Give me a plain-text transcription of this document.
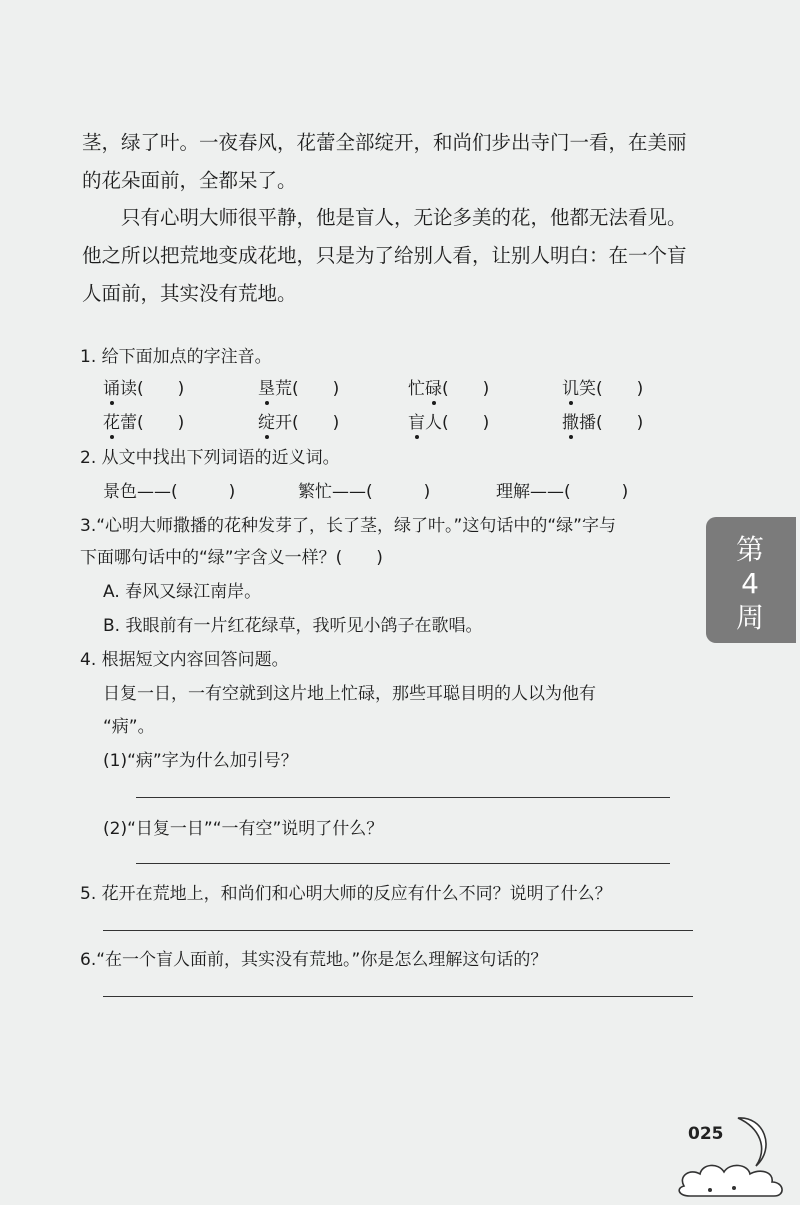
茎，绿了叶。一夜春风，花蕾全部绽开，和尚们步出寺门一看，在美丽的花朵面前，全都呆了。

只有心明大师很平静，他是盲人，无论多美的花，他都无法看见。他之所以把荒地变成花地，只是为了给别人看，让别人明白：在一个盲人面前，其实没有荒地。

1. 给下面加点的字注音。
诵读(　　)	垦荒(　　)	忙碌(　　)	讥笑(　　)
花蕾(　　)	绽开(　　)	盲人(　　)	撒播(　　)
2. 从文中找出下列词语的近义词。
景色——(　　　)	繁忙——(　　　)	理解——(　　　)
3.“心明大师撒播的花种发芽了，长了茎，绿了叶。”这句话中的“绿”字与
下面哪句话中的“绿”字含义一样？(　　)
A. 春风又绿江南岸。
B. 我眼前有一片红花绿草，我听见小鸽子在歌唱。
4. 根据短文内容回答问题。
日复一日，一有空就到这片地上忙碌，那些耳聪目明的人以为他有
“病”。
(1)“病”字为什么加引号？
(2)“日复一日”“一有空”说明了什么？
5. 花开在荒地上，和尚们和心明大师的反应有什么不同？说明了什么？
6.“在一个盲人面前，其实没有荒地。”你是怎么理解这句话的？
第
4
周
025
